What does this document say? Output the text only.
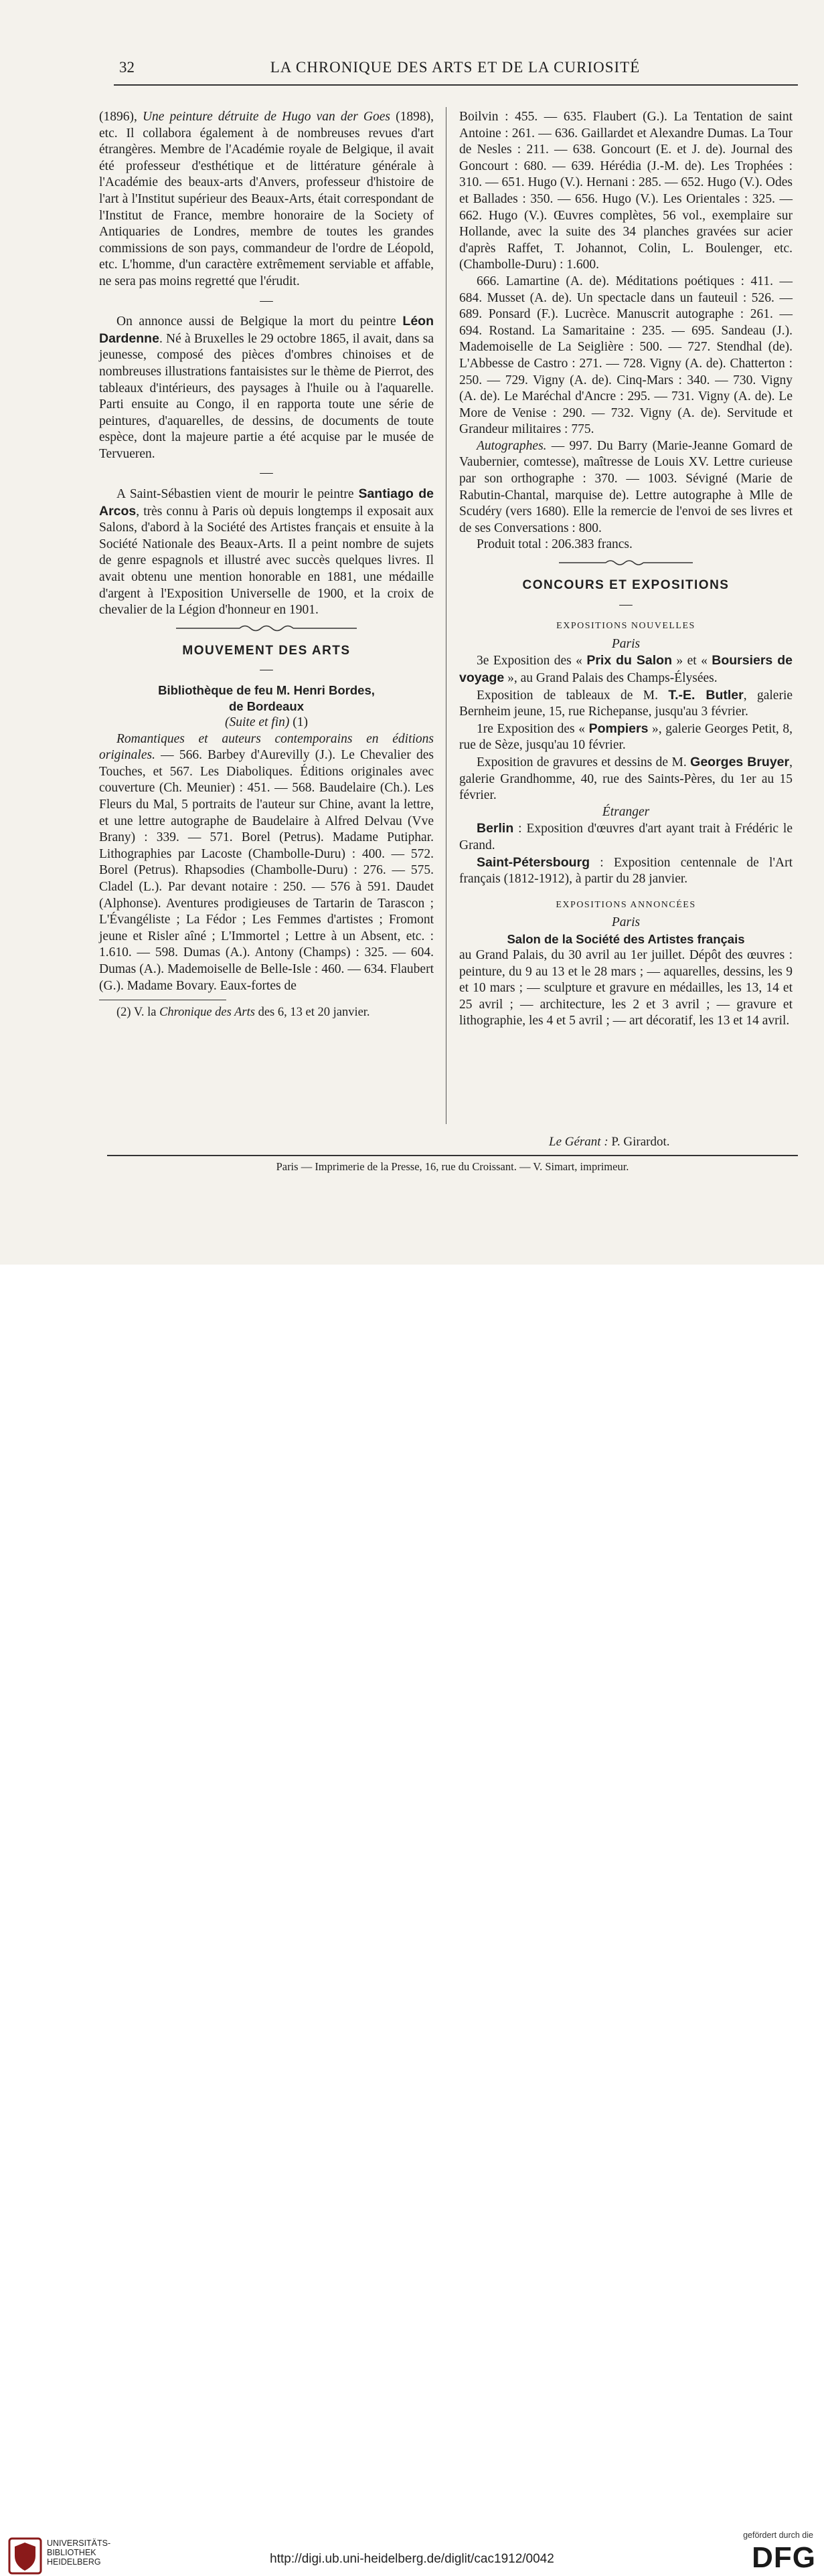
32	LA CHRONIQUE DES ARTS ET DE LA CURIOSITÉ

(1896), Une peinture détruite de Hugo van der Goes (1898), etc. Il collabora également à de nombreuses revues d'art étrangères. Membre de l'Académie royale de Belgique, il avait été professeur d'esthétique et de littérature générale à l'Académie des beaux-arts d'Anvers, professeur d'histoire de l'art à l'Institut supérieur des Beaux-Arts, était correspondant de l'Institut de France, membre honoraire de la Society of Antiquaries de Londres, membre de toutes les grandes commissions de son pays, commandeur de l'ordre de Léopold, etc. L'homme, d'un caractère extrêmement serviable et affable, ne sera pas moins regretté que l'érudit.

—

On annonce aussi de Belgique la mort du peintre Léon Dardenne. Né à Bruxelles le 29 octobre 1865, il avait, dans sa jeunesse, composé des pièces d'ombres chinoises et de nombreuses illustrations fantaisistes sur le thème de Pierrot, des tableaux d'intérieurs, des paysages à l'huile ou à l'aquarelle. Parti ensuite au Congo, il en rapporta toute une série de peintures, d'aquarelles, de dessins, de documents de toute espèce, dont la majeure partie a été acquise par le musée de Tervueren.

—

A Saint-Sébastien vient de mourir le peintre Santiago de Arcos, très connu à Paris où depuis longtemps il exposait aux Salons, d'abord à la Société des Artistes français et ensuite à la Société Nationale des Beaux-Arts. Il a peint nombre de sujets de genre espagnols et illustré avec succès quelques livres. Il avait obtenu une mention honorable en 1881, une médaille d'argent à l'Exposition Universelle de 1900, et la croix de chevalier de la Légion d'honneur en 1901.

MOUVEMENT DES ARTS
—
Bibliothèque de feu M. Henri Bordes,
de Bordeaux
(Suite et fin) (1)

Romantiques et auteurs contemporains en éditions originales. — 566. Barbey d'Aurevilly (J.). Le Chevalier des Touches, et 567. Les Diaboliques. Éditions originales avec couverture (Ch. Meunier) : 451. — 568. Baudelaire (Ch.). Les Fleurs du Mal, 5 portraits de l'auteur sur Chine, avant la lettre, et une lettre autographe de Baudelaire à Alfred Delvau (Vve Brany) : 339. — 571. Borel (Petrus). Madame Putiphar. Lithographies par Lacoste (Chambolle-Duru) : 400. — 572. Borel (Petrus). Rhapsodies (Chambolle-Duru) : 276. — 575. Cladel (L.). Par devant notaire : 250. — 576 à 591. Daudet (Alphonse). Aventures prodigieuses de Tartarin de Tarascon ; L'Évangéliste ; La Fédor ; Les Femmes d'artistes ; Fromont jeune et Risler aîné ; L'Immortel ; Lettre à un Absent, etc. : 1.610. — 598. Dumas (A.). Antony (Champs) : 325. — 604. Dumas (A.). Mademoiselle de Belle-Isle : 460. — 634. Flaubert (G.). Madame Bovary. Eaux-fortes de

(2) V. la Chronique des Arts des 6, 13 et 20 janvier.

Boilvin : 455. — 635. Flaubert (G.). La Tentation de saint Antoine : 261. — 636. Gaillardet et Alexandre Dumas. La Tour de Nesles : 211. — 638. Goncourt (E. et J. de). Journal des Goncourt : 680. — 639. Hérédia (J.-M. de). Les Trophées : 310. — 651. Hugo (V.). Hernani : 285. — 652. Hugo (V.). Odes et Ballades : 350. — 656. Hugo (V.). Les Orientales : 325. — 662. Hugo (V.). Œuvres complètes, 56 vol., exemplaire sur Hollande, avec la suite des 34 planches gravées sur acier d'après Raffet, T. Johannot, Colin, L. Boulenger, etc. (Chambolle-Duru) : 1.600.

666. Lamartine (A. de). Méditations poétiques : 411. — 684. Musset (A. de). Un spectacle dans un fauteuil : 526. — 689. Ponsard (F.). Lucrèce. Manuscrit autographe : 261. — 694. Rostand. La Samaritaine : 235. — 695. Sandeau (J.). Mademoiselle de La Seiglière : 500. — 727. Stendhal (de). L'Abbesse de Castro : 271. — 728. Vigny (A. de). Chatterton : 250. — 729. Vigny (A. de). Cinq-Mars : 340. — 730. Vigny (A. de). Le Maréchal d'Ancre : 295. — 731. Vigny (A. de). Le More de Venise : 290. — 732. Vigny (A. de). Servitude et Grandeur militaires : 775.

Autographes. — 997. Du Barry (Marie-Jeanne Gomard de Vaubernier, comtesse), maîtresse de Louis XV. Lettre curieuse par son orthographe : 370. — 1003. Sévigné (Marie de Rabutin-Chantal, marquise de). Lettre autographe à Mlle de Scudéry (vers 1680). Elle la remercie de l'envoi de ses livres et de ses Conversations : 800.

Produit total : 206.383 francs.

CONCOURS ET EXPOSITIONS
—
EXPOSITIONS NOUVELLES
Paris

3e Exposition des « Prix du Salon » et « Boursiers de voyage », au Grand Palais des Champs-Élysées.

Exposition de tableaux de M. T.-E. Butler, galerie Bernheim jeune, 15, rue Richepanse, jusqu'au 3 février.

1re Exposition des « Pompiers », galerie Georges Petit, 8, rue de Sèze, jusqu'au 10 février.

Exposition de gravures et dessins de M. Georges Bruyer, galerie Grandhomme, 40, rue des Saints-Pères, du 1er au 15 février.

Étranger

Berlin : Exposition d'œuvres d'art ayant trait à Frédéric le Grand.

Saint-Pétersbourg : Exposition centennale de l'Art français (1812-1912), à partir du 28 janvier.

EXPOSITIONS ANNONCÉES
Paris
Salon de la Société des Artistes français

au Grand Palais, du 30 avril au 1er juillet. Dépôt des œuvres : peinture, du 9 au 13 et le 28 mars ; — aquarelles, dessins, les 9 et 10 mars ; — sculpture et gravure en médailles, les 13, 14 et 25 avril ; — architecture, les 2 et 3 avril ; — gravure et lithographie, les 4 et 5 avril ; — art décoratif, les 13 et 14 avril.

Le Gérant : P. Girardot.
Paris — Imprimerie de la Presse, 16, rue du Croissant. — V. Simart, imprimeur.
UNIVERSITÄTS-
BIBLIOTHEK
HEIDELBERG	http://digi.ub.uni-heidelberg.de/diglit/cac1912/0042
gefördert durch die
DFG
